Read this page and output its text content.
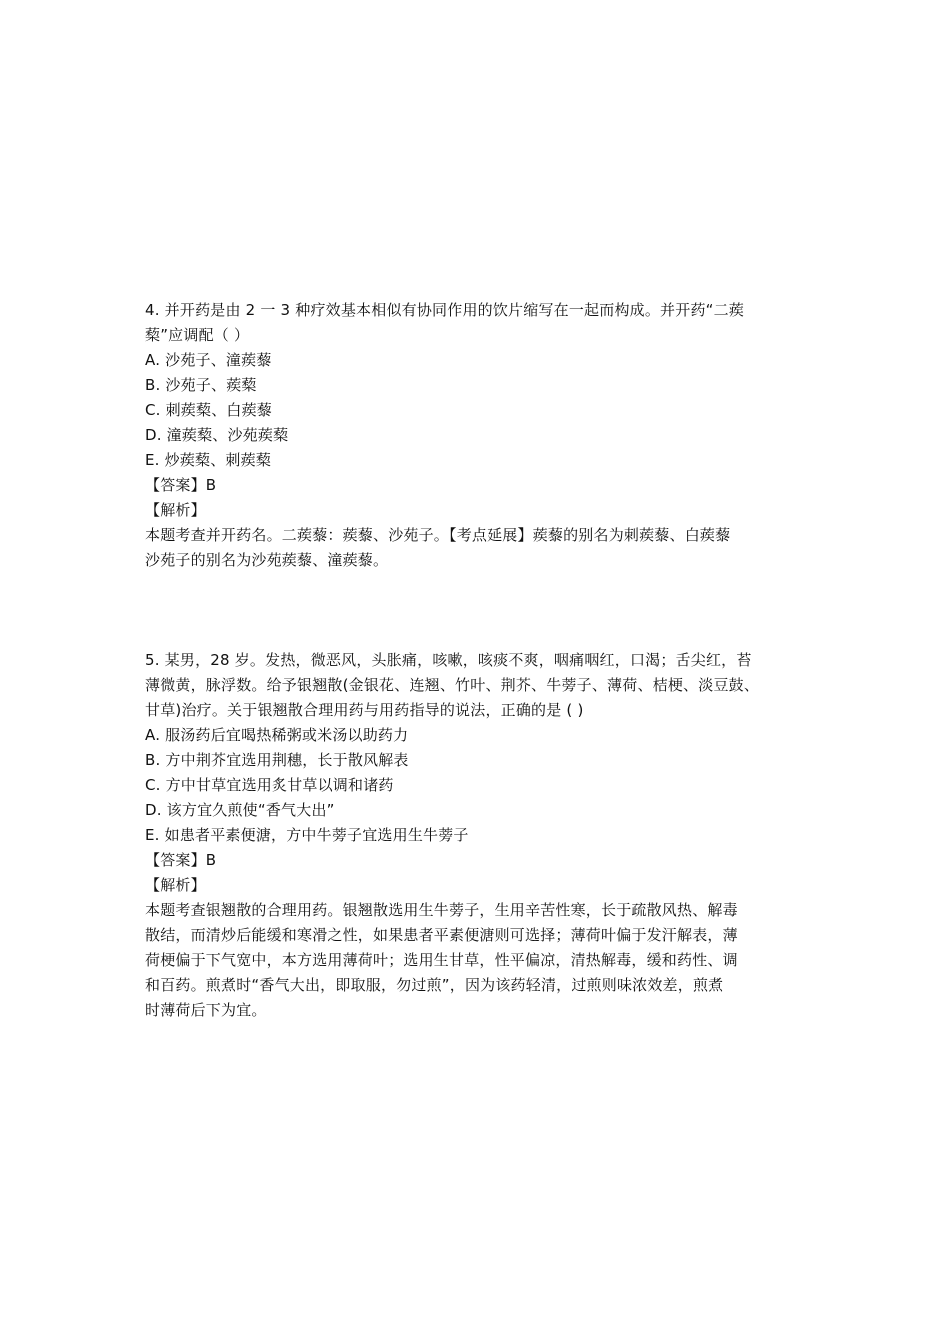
4. 并开药是由 2 一 3 种疗效基本相似有协同作用的饮片缩写在一起而构成。并开药“二蒺
蔾”应调配（ ）
A. 沙苑子、潼蒺藜
B. 沙苑子、蒺蔾
C. 刺蒺蔾、白蒺藜
D. 潼蒺蔾、沙苑蒺蔾
E. 炒蒺蔾、刺蒺蔾
【答案】B
【解析】
本题考查并开药名。二蒺藜：蒺藜、沙苑子。【考点延展】蒺藜的别名为刺蒺藜、白蒺藜
沙苑子的别名为沙苑蒺藜、潼蒺藜。
5. 某男，28 岁。发热，微恶风，头胀痛，咳嗽，咳痰不爽，咽痛咽红，口渴；舌尖红，苔
薄微黄，脉浮数。给予银翘散(金银花、连翘、竹叶、荆芥、牛蒡子、薄荷、桔梗、淡豆鼓、
甘草)治疗。关于银翘散合理用药与用药指导的说法，正确的是 ( )
A. 服汤药后宜喝热稀粥或米汤以助药力
B. 方中荆芥宜选用荆穗，长于散风解表
C. 方中甘草宜选用炙甘草以调和诸药
D. 该方宜久煎使“香气大出”
E. 如患者平素便溏，方中牛蒡子宜选用生牛蒡子
【答案】B
【解析】
本题考查银翘散的合理用药。银翘散选用生牛蒡子，生用辛苦性寒，长于疏散风热、解毒
散结，而清炒后能缓和寒滑之性，如果患者平素便溏则可选择；薄荷叶偏于发汗解表，薄
荷梗偏于下气宽中，本方选用薄荷叶；选用生甘草，性平偏凉，清热解毒，缓和药性、调
和百药。煎煮时“香气大出，即取服，勿过煎”，因为该药轻清，过煎则味浓效差，煎煮
时薄荷后下为宜。
